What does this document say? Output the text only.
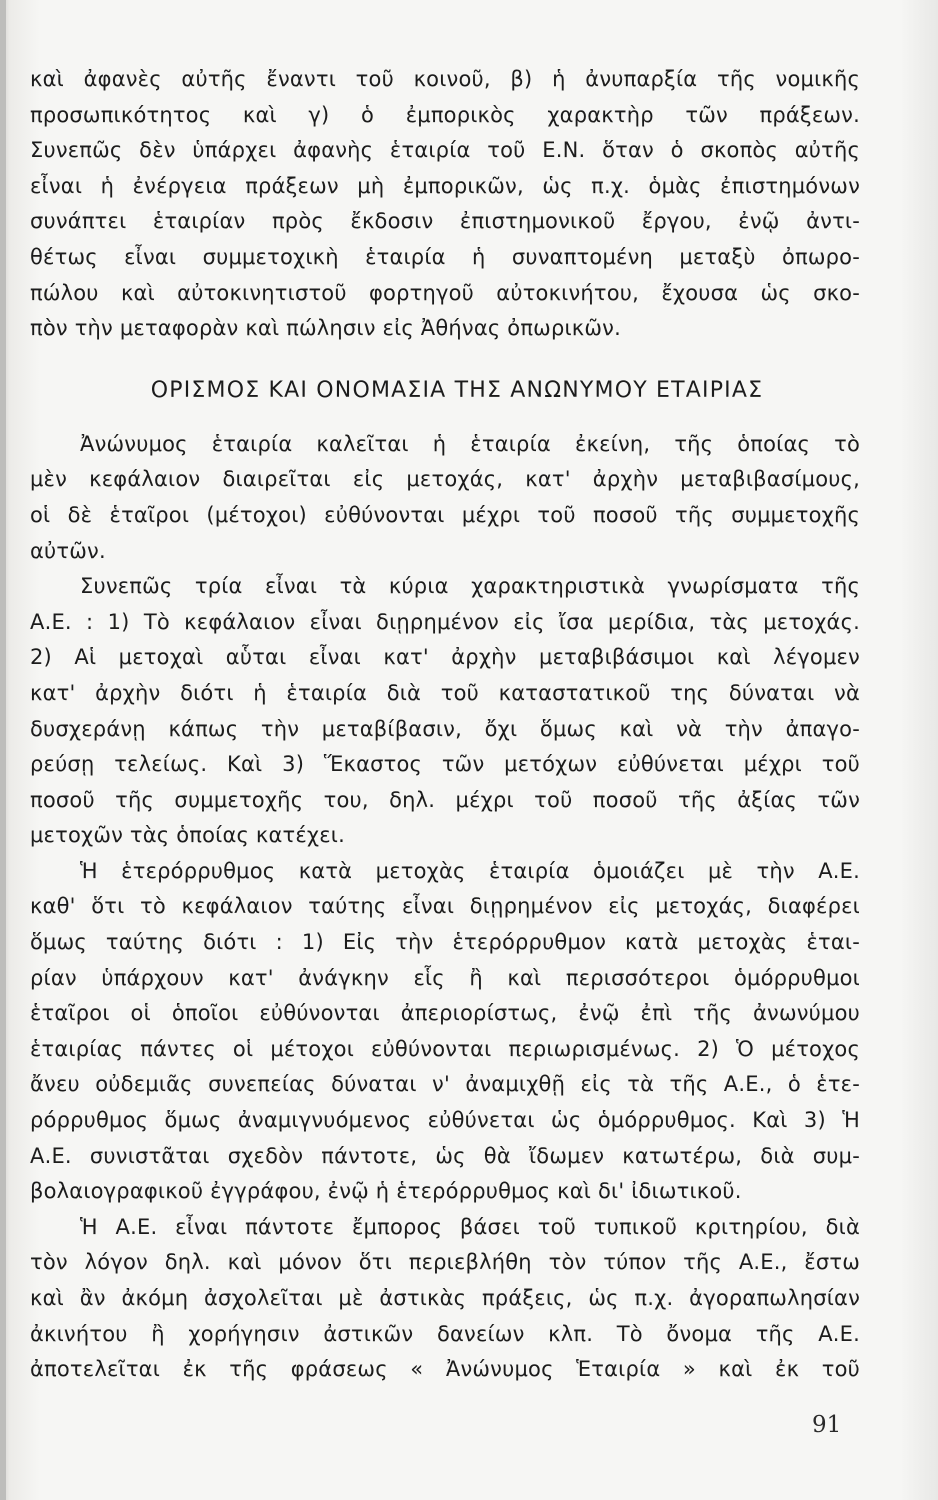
καὶ ἀφανὲς αὐτῆς ἔναντι τοῦ κοινοῦ, β) ἡ ἀνυπαρξία τῆς νομικῆς
προσωπικότητος καὶ γ) ὁ ἐμπορικὸς χαρακτὴρ τῶν πράξεων.
Συνεπῶς δὲν ὑπάρχει ἀφανὴς ἑταιρία τοῦ Ε.Ν. ὅταν ὁ σκοπὸς αὐτῆς
εἶναι ἡ ἐνέργεια πράξεων μὴ ἐμπορικῶν, ὡς π.χ. ὁμὰς ἐπιστημόνων
συνάπτει ἑταιρίαν πρὸς ἔκδοσιν ἐπιστημονικοῦ ἔργου, ἐνῷ ἀντι-
θέτως εἶναι συμμετοχικὴ ἑταιρία ἡ συναπτομένη μεταξὺ ὀπωρο-
πώλου καὶ αὐτοκινητιστοῦ φορτηγοῦ αὐτοκινήτου, ἔχουσα ὡς σκο-
πὸν τὴν μεταφορὰν καὶ πώλησιν εἰς Ἀθήνας ὀπωρικῶν.
ΟΡΙΣΜΟΣ ΚΑΙ ΟΝΟΜΑΣΙΑ ΤΗΣ ΑΝΩΝΥΜΟΥ ΕΤΑΙΡΙΑΣ
Ἀνώνυμος ἑταιρία καλεῖται ἡ ἑταιρία ἐκείνη, τῆς ὁποίας τὸ
μὲν κεφάλαιον διαιρεῖται εἰς μετοχάς, κατ' ἀρχὴν μεταβιβασίμους,
οἱ δὲ ἑταῖροι (μέτοχοι) εὐθύνονται μέχρι τοῦ ποσοῦ τῆς συμμετοχῆς
αὐτῶν.
Συνεπῶς τρία εἶναι τὰ κύρια χαρακτηριστικὰ γνωρίσματα τῆς
Α.Ε. : 1) Τὸ κεφάλαιον εἶναι διῃρημένον εἰς ἴσα μερίδια, τὰς μετοχάς.
2) Αἱ μετοχαὶ αὗται εἶναι κατ' ἀρχὴν μεταβιβάσιμοι καὶ λέγομεν
κατ' ἀρχὴν διότι ἡ ἑταιρία διὰ τοῦ καταστατικοῦ της δύναται νὰ
δυσχεράνῃ κάπως τὴν μεταβίβασιν, ὄχι ὅμως καὶ νὰ τὴν ἀπαγο-
ρεύσῃ τελείως. Καὶ 3) Ἕκαστος τῶν μετόχων εὐθύνεται μέχρι τοῦ
ποσοῦ τῆς συμμετοχῆς του, δηλ. μέχρι τοῦ ποσοῦ τῆς ἀξίας τῶν
μετοχῶν τὰς ὁποίας κατέχει.
Ἡ ἑτερόρρυθμος κατὰ μετοχὰς ἑταιρία ὁμοιάζει μὲ τὴν Α.Ε.
καθ' ὅτι τὸ κεφάλαιον ταύτης εἶναι διῃρημένον εἰς μετοχάς, διαφέρει
ὅμως ταύτης διότι : 1) Εἰς τὴν ἑτερόρρυθμον κατὰ μετοχὰς ἑται-
ρίαν ὑπάρχουν κατ' ἀνάγκην εἷς ἢ καὶ περισσότεροι ὁμόρρυθμοι
ἑταῖροι οἱ ὁποῖοι εὐθύνονται ἀπεριορίστως, ἐνῷ ἐπὶ τῆς ἀνωνύμου
ἑταιρίας πάντες οἱ μέτοχοι εὐθύνονται περιωρισμένως. 2) Ὁ μέτοχος
ἄνευ οὐδεμιᾶς συνεπείας δύναται ν' ἀναμιχθῇ εἰς τὰ τῆς Α.Ε., ὁ ἑτε-
ρόρρυθμος ὅμως ἀναμιγνυόμενος εὐθύνεται ὡς ὁμόρρυθμος. Καὶ 3) Ἡ
Α.Ε. συνιστᾶται σχεδὸν πάντοτε, ὡς θὰ ἴδωμεν κατωτέρω, διὰ συμ-
βολαιογραφικοῦ ἐγγράφου, ἐνῷ ἡ ἑτερόρρυθμος καὶ δι' ἰδιωτικοῦ.
Ἡ Α.Ε. εἶναι πάντοτε ἔμπορος βάσει τοῦ τυπικοῦ κριτηρίου, διὰ
τὸν λόγον δηλ. καὶ μόνον ὅτι περιεβλήθη τὸν τύπον τῆς Α.Ε., ἔστω
καὶ ἂν ἀκόμη ἀσχολεῖται μὲ ἀστικὰς πράξεις, ὡς π.χ. ἀγοραπωλησίαν
ἀκινήτου ἢ χορήγησιν ἀστικῶν δανείων κλπ. Τὸ ὄνομα τῆς Α.Ε.
ἀποτελεῖται ἐκ τῆς φράσεως « Ἀνώνυμος Ἑταιρία » καὶ ἐκ τοῦ
91
